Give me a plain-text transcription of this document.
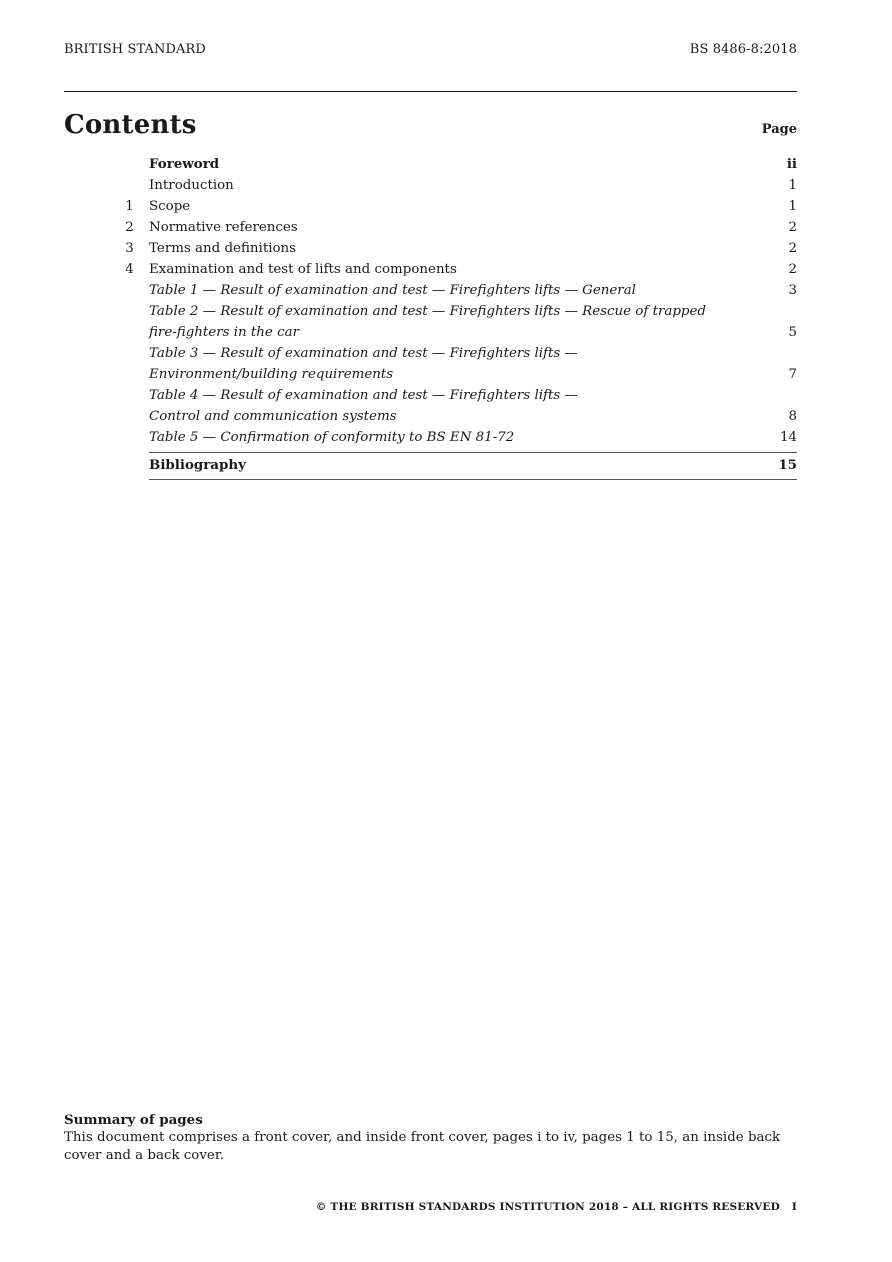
BRITISH STANDARD	BS 8486-8:2018
Contents	Page
Foreword	ii
Introduction	1
1	Scope	1
2	Normative references	2
3	Terms and definitions	2
4	Examination and test of lifts and components	2
Table 1 — Result of examination and test — Firefighters lifts — General	3
Table 2 — Result of examination and test — Firefighters lifts — Rescue of trapped fire-fighters in the car	5
Table 3 — Result of examination and test — Firefighters lifts — Environment/building requirements	7
Table 4 — Result of examination and test — Firefighters lifts — Control and communication systems	8
Table 5 — Confirmation of conformity to BS EN 81-72	14
Bibliography	15
Summary of pages
This document comprises a front cover, and inside front cover, pages i to iv, pages 1 to 15, an inside back cover and a back cover.
© THE BRITISH STANDARDS INSTITUTION 2018 – ALL RIGHTS RESERVED I
